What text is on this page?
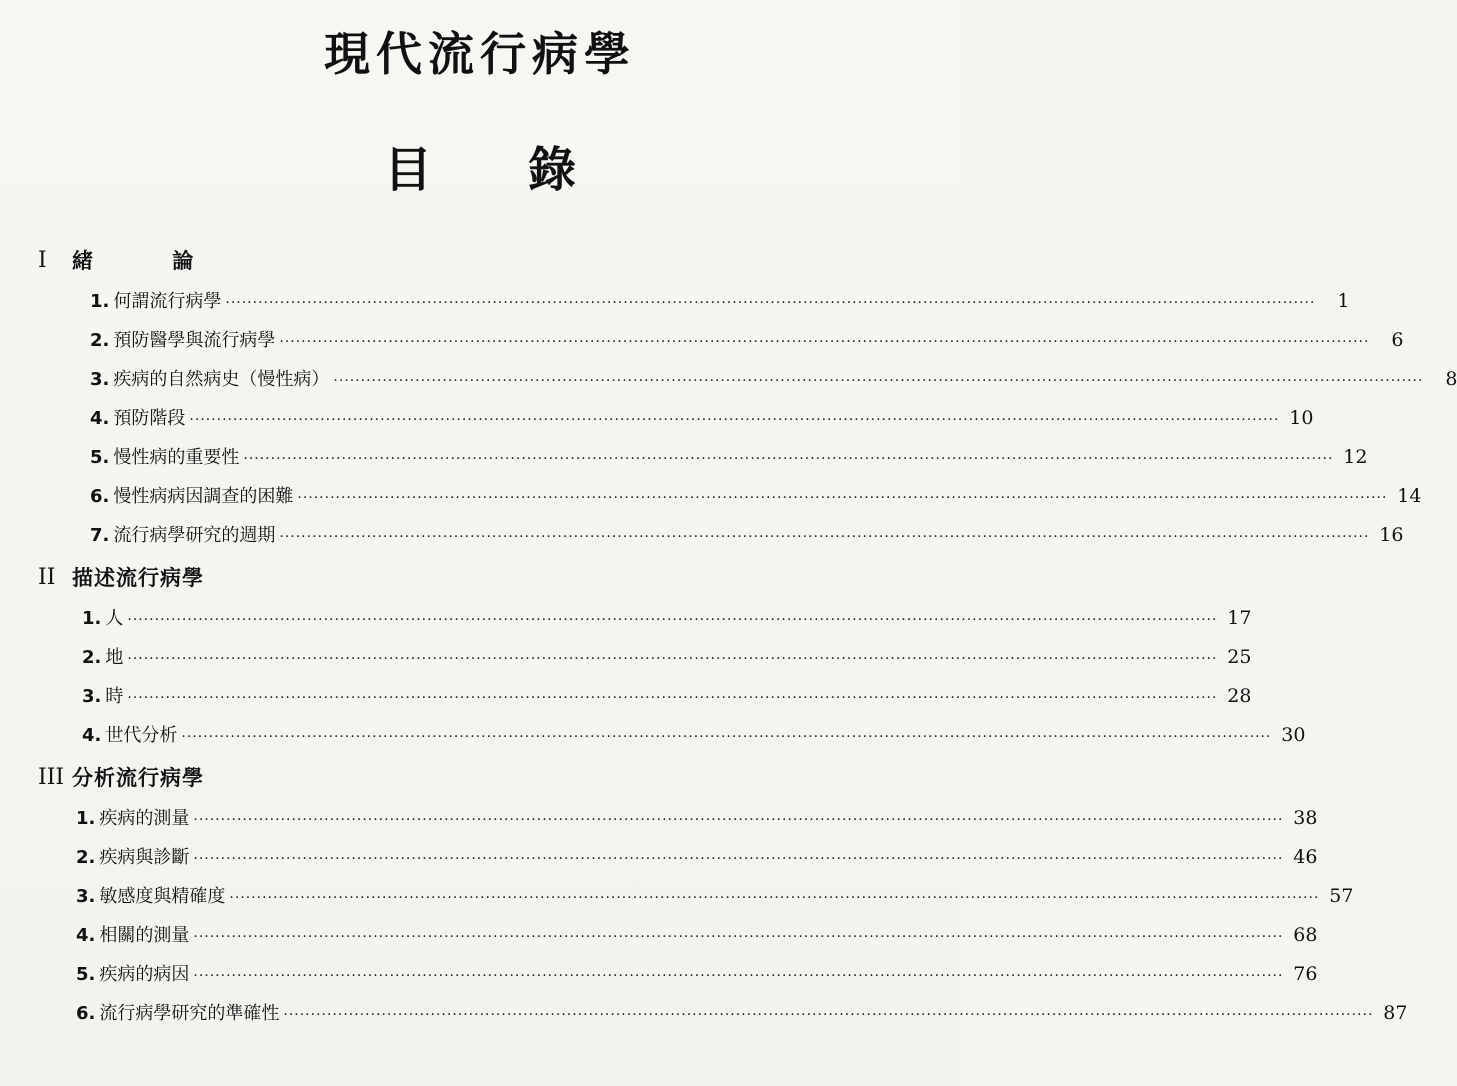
現代流行病學
目 錄
I	緒 論
1. 何謂流行病學 ········································································································································································································	1
2. 預防醫學與流行病學 ········································································································································································································	6
3. 疾病的自然病史（慢性病） ········································································································································································································	8
4. 預防階段 ········································································································································································································ 10
5. 慢性病的重要性 ········································································································································································································ 12
6. 慢性病病因調查的困難 ········································································································································································································ 14
7. 流行病學研究的週期 ········································································································································································································ 16
II 描述流行病學
1. 人 ········································································································································································································ 17
2. 地 ········································································································································································································ 25
3. 時 ········································································································································································································ 28
4. 世代分析 ········································································································································································································ 30
III 分析流行病學
1. 疾病的測量 ········································································································································································································ 38
2. 疾病與診斷 ········································································································································································································ 46
3. 敏感度與精確度 ········································································································································································································ 57
4. 相關的測量 ········································································································································································································ 68
5. 疾病的病因 ········································································································································································································ 76
6. 流行病學研究的準確性 ········································································································································································································ 87
